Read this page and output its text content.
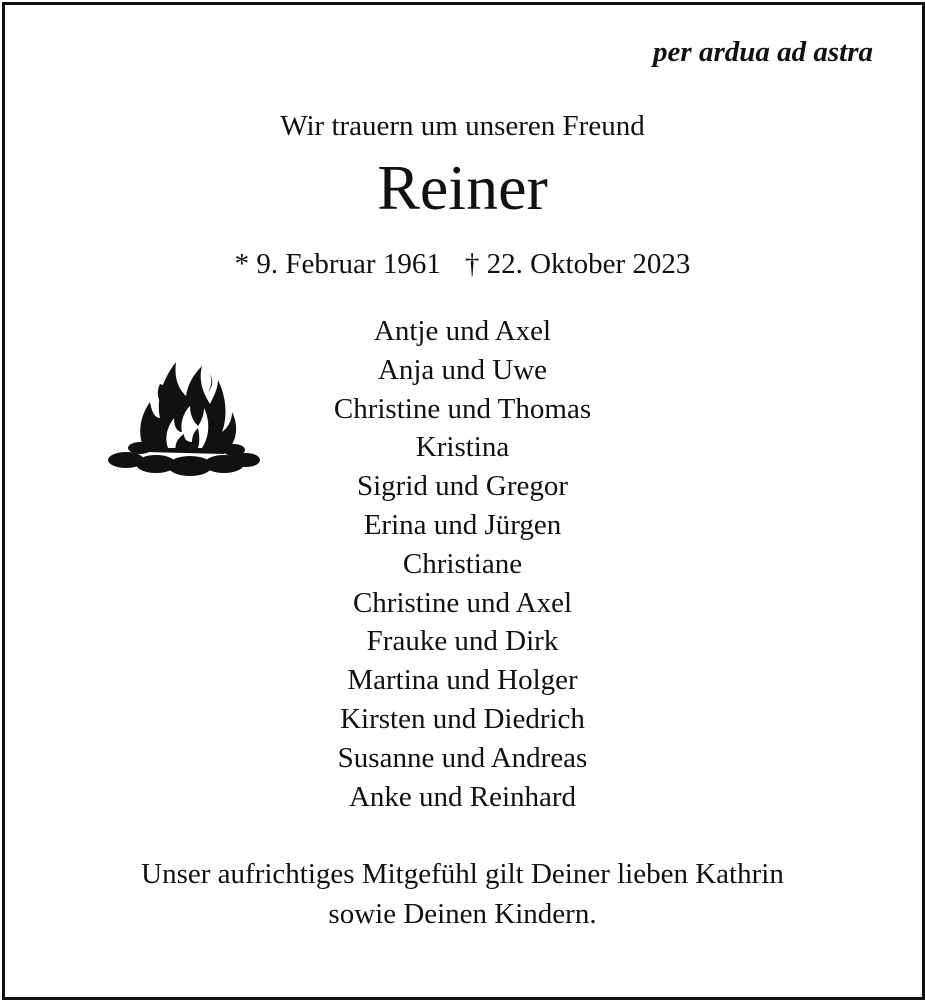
per ardua ad astra

Wir trauern um unseren Freund

Reiner

* 9. Februar 1961 † 22. Oktober 2023

Antje und Axel
Anja und Uwe
Christine und Thomas
Kristina
Sigrid und Gregor
Erina und Jürgen
Christiane
Christine und Axel
Frauke und Dirk
Martina und Holger
Kirsten und Diedrich
Susanne und Andreas
Anke und Reinhard

Unser aufrichtiges Mitgefühl gilt Deiner lieben Kathrin
sowie Deinen Kindern.
